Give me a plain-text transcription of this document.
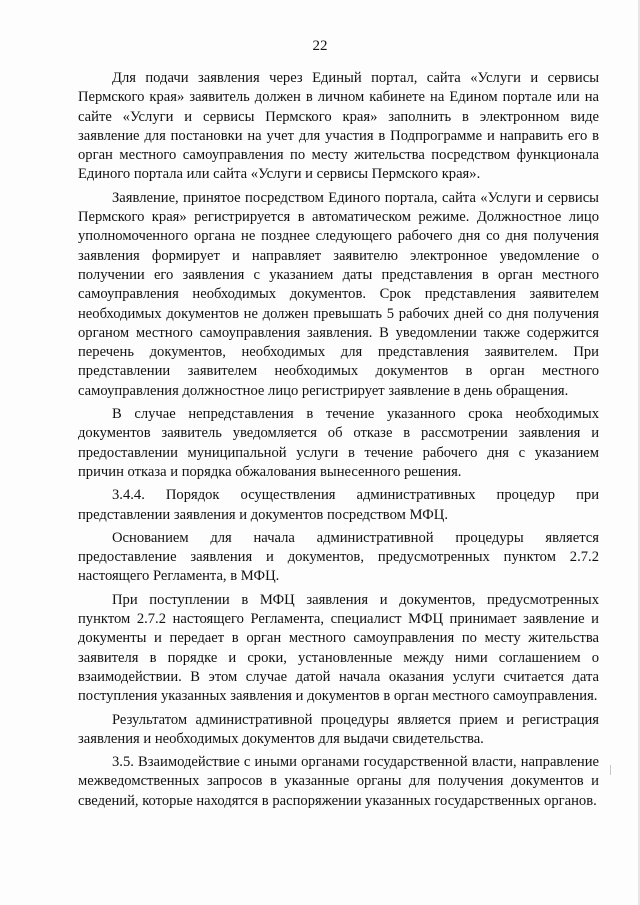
22

Для подачи заявления через Единый портал, сайта «Услуги и сервисы Пермского края» заявитель должен в личном кабинете на Едином портале или на сайте «Услуги и сервисы Пермского края» заполнить в электронном виде заявление для постановки на учет для участия в Подпрограмме и направить его в орган местного самоуправления по месту жительства посредством функционала Единого портала или сайта «Услуги и сервисы Пермского края».

Заявление, принятое посредством Единого портала, сайта «Услуги и сервисы Пермского края» регистрируется в автоматическом режиме. Должностное лицо уполномоченного органа не позднее следующего рабочего дня со дня получения заявления формирует и направляет заявителю электронное уведомление о получении его заявления с указанием даты представления в орган местного самоуправления необходимых документов. Срок представления заявителем необходимых документов не должен превышать 5 рабочих дней со дня получения органом местного самоуправления заявления. В уведомлении также содержится перечень документов, необходимых для представления заявителем. При представлении заявителем необходимых документов в орган местного самоуправления должностное лицо регистрирует заявление в день обращения.

В случае непредставления в течение указанного срока необходимых документов заявитель уведомляется об отказе в рассмотрении заявления и предоставлении муниципальной услуги в течение рабочего дня с указанием причин отказа и порядка обжалования вынесенного решения.

3.4.4. Порядок осуществления административных процедур при представлении заявления и документов посредством МФЦ.

Основанием для начала административной процедуры является предоставление заявления и документов, предусмотренных пунктом 2.7.2 настоящего Регламента, в МФЦ.

При поступлении в МФЦ заявления и документов, предусмотренных пунктом 2.7.2 настоящего Регламента, специалист МФЦ принимает заявление и документы и передает в орган местного самоуправления по месту жительства заявителя в порядке и сроки, установленные между ними соглашением о взаимодействии. В этом случае датой начала оказания услуги считается дата поступления указанных заявления и документов в орган местного самоуправления.

Результатом административной процедуры является прием и регистрация заявления и необходимых документов для выдачи свидетельства.

3.5. Взаимодействие с иными органами государственной власти, направление межведомственных запросов в указанные органы для получения документов и сведений, которые находятся в распоряжении указанных государственных органов.
